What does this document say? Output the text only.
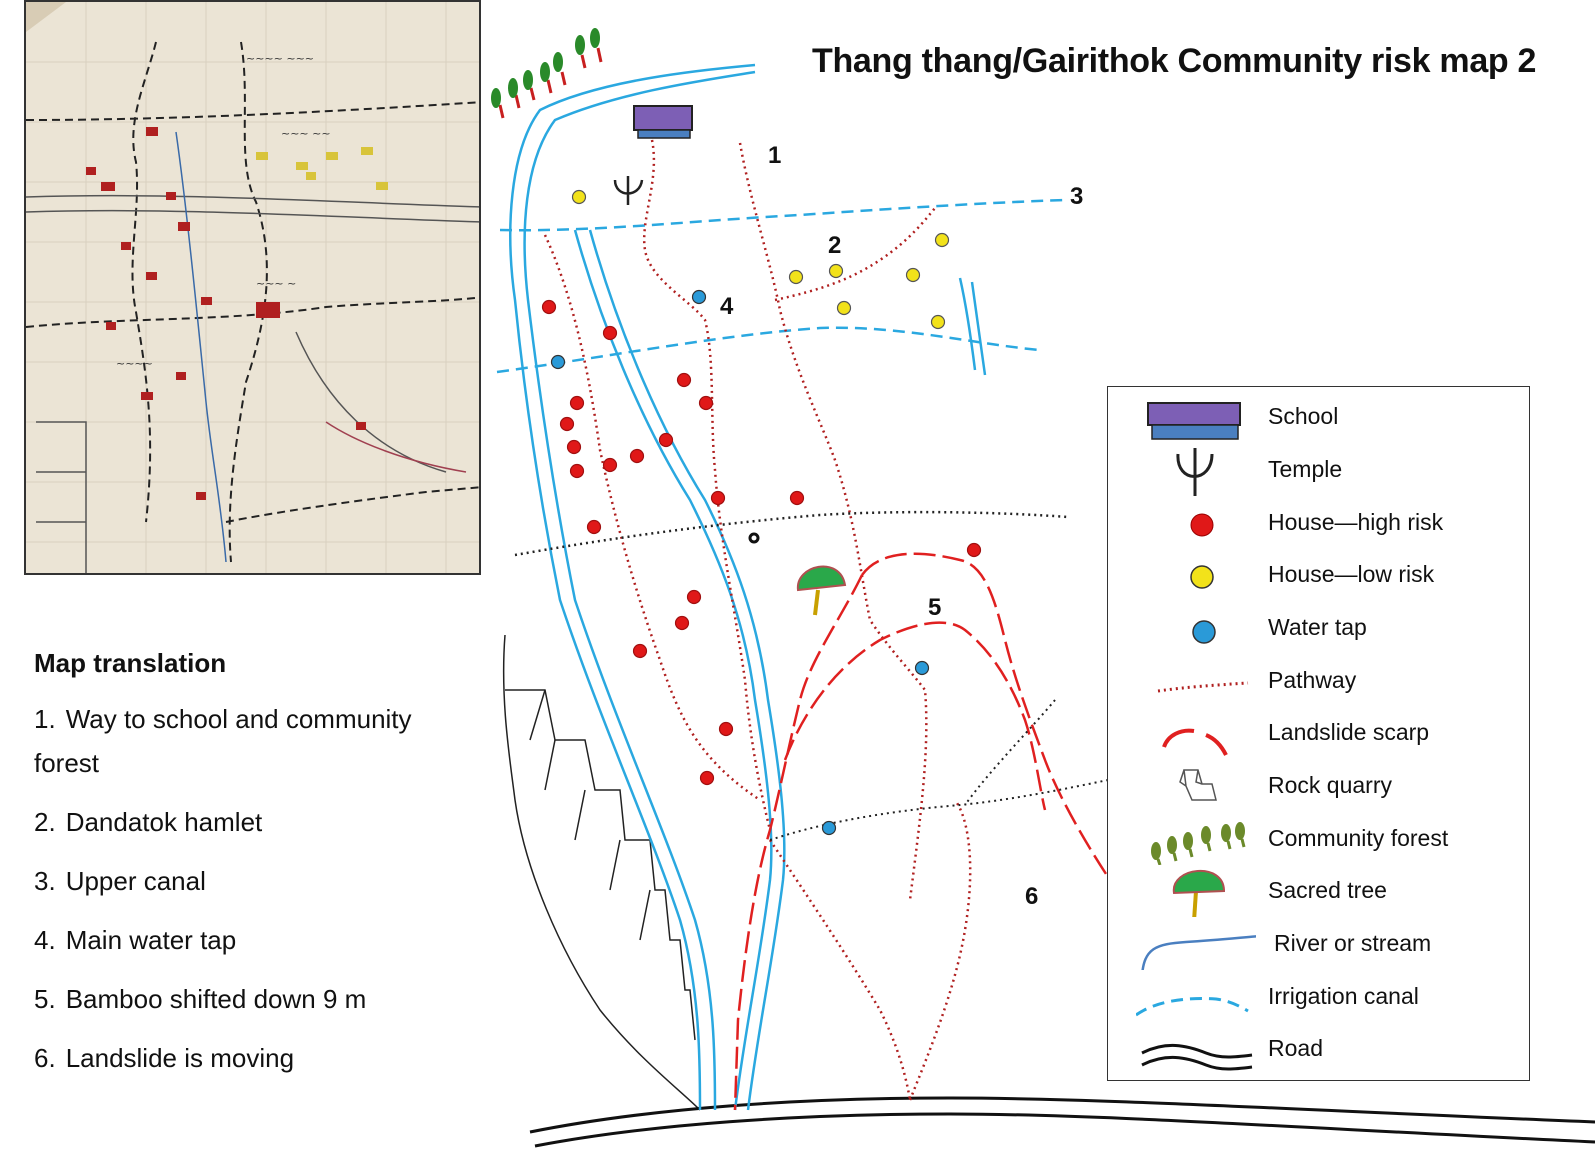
~~~~ ~~~
~~~ ~~
~~~~
~~~ ~
1
2
3
4
5
6
Thang thang/Gairithok Community risk map 2
Map translation
1. Way to school and community forest
2. Dandatok hamlet
3. Upper canal
4. Main water tap
5. Bamboo shifted down 9 m
6. Landslide is moving
School
Temple
House—high risk
House—low risk
Water tap
Pathway
Landslide scarp
Rock quarry
Community forest
Sacred tree
River or stream
Irrigation canal
Road
